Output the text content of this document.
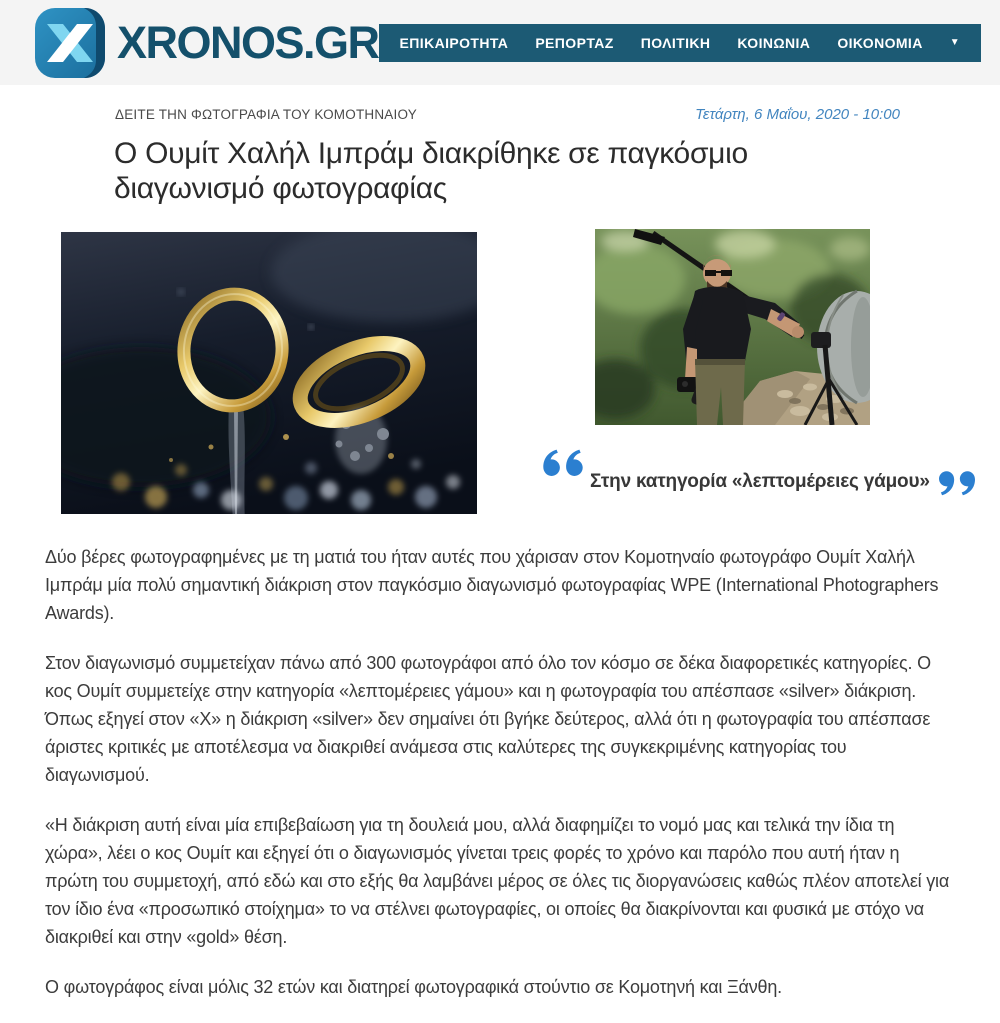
XRONOS.GR ΕΠΙΚΑΙΡΟΤΗΤΑ ΡΕΠΟΡΤΑΖ ΠΟΛΙΤΙΚΗ ΚΟΙΝΩΝΙΑ ΟΙΚΟΝΟΜΙΑ	▼
ΔΕΙΤΕ ΤΗΝ ΦΩΤΟΓΡΑΦΙΑ ΤΟΥ ΚΟΜΟΤΗΝΑΙΟΥ	Τετάρτη, 6 Μαΐου, 2020 - 10:00
Ο Ουμίτ Χαλήλ Ιμπράμ διακρίθηκε σε παγκόσμιο διαγωνισμό φωτογραφίας
Στην κατηγορία «λεπτομέρειες γάμου»

Δύο βέρες φωτογραφημένες με τη ματιά του ήταν αυτές που χάρισαν στον Κομοτηναίο φωτογράφο Ουμίτ Χαλήλ Ιμπράμ μία πολύ σημαντική διάκριση στον παγκόσμιο διαγωνισμό φωτογραφίας WPE (International Photographers Awards).

Στον διαγωνισμό συμμετείχαν πάνω από 300 φωτογράφοι από όλο τον κόσμο σε δέκα διαφορετικές κατηγορίες. Ο κος Ουμίτ συμμετείχε στην κατηγορία «λεπτομέρειες γάμου» και η φωτογραφία του απέσπασε «silver» διάκριση. Όπως εξηγεί στον «Χ» η διάκριση «silver» δεν σημαίνει ότι βγήκε δεύτερος, αλλά ότι η φωτογραφία του απέσπασε άριστες κριτικές με αποτέλεσμα να διακριθεί ανάμεσα στις καλύτερες της συγκεκριμένης κατηγορίας του διαγωνισμού.

«Η διάκριση αυτή είναι μία επιβεβαίωση για τη δουλειά μου, αλλά διαφημίζει το νομό μας και τελικά την ίδια τη χώρα», λέει ο κος Ουμίτ και εξηγεί ότι ο διαγωνισμός γίνεται τρεις φορές το χρόνο και παρόλο που αυτή ήταν η πρώτη του συμμετοχή, από εδώ και στο εξής θα λαμβάνει μέρος σε όλες τις διοργανώσεις καθώς πλέον αποτελεί για τον ίδιο ένα «προσωπικό στοίχημα» το να στέλνει φωτογραφίες, οι οποίες θα διακρίνονται και φυσικά με στόχο να διακριθεί και στην «gold» θέση.

Ο φωτογράφος είναι μόλις 32 ετών και διατηρεί φωτογραφικά στούντιο σε Κομοτηνή και Ξάνθη.
